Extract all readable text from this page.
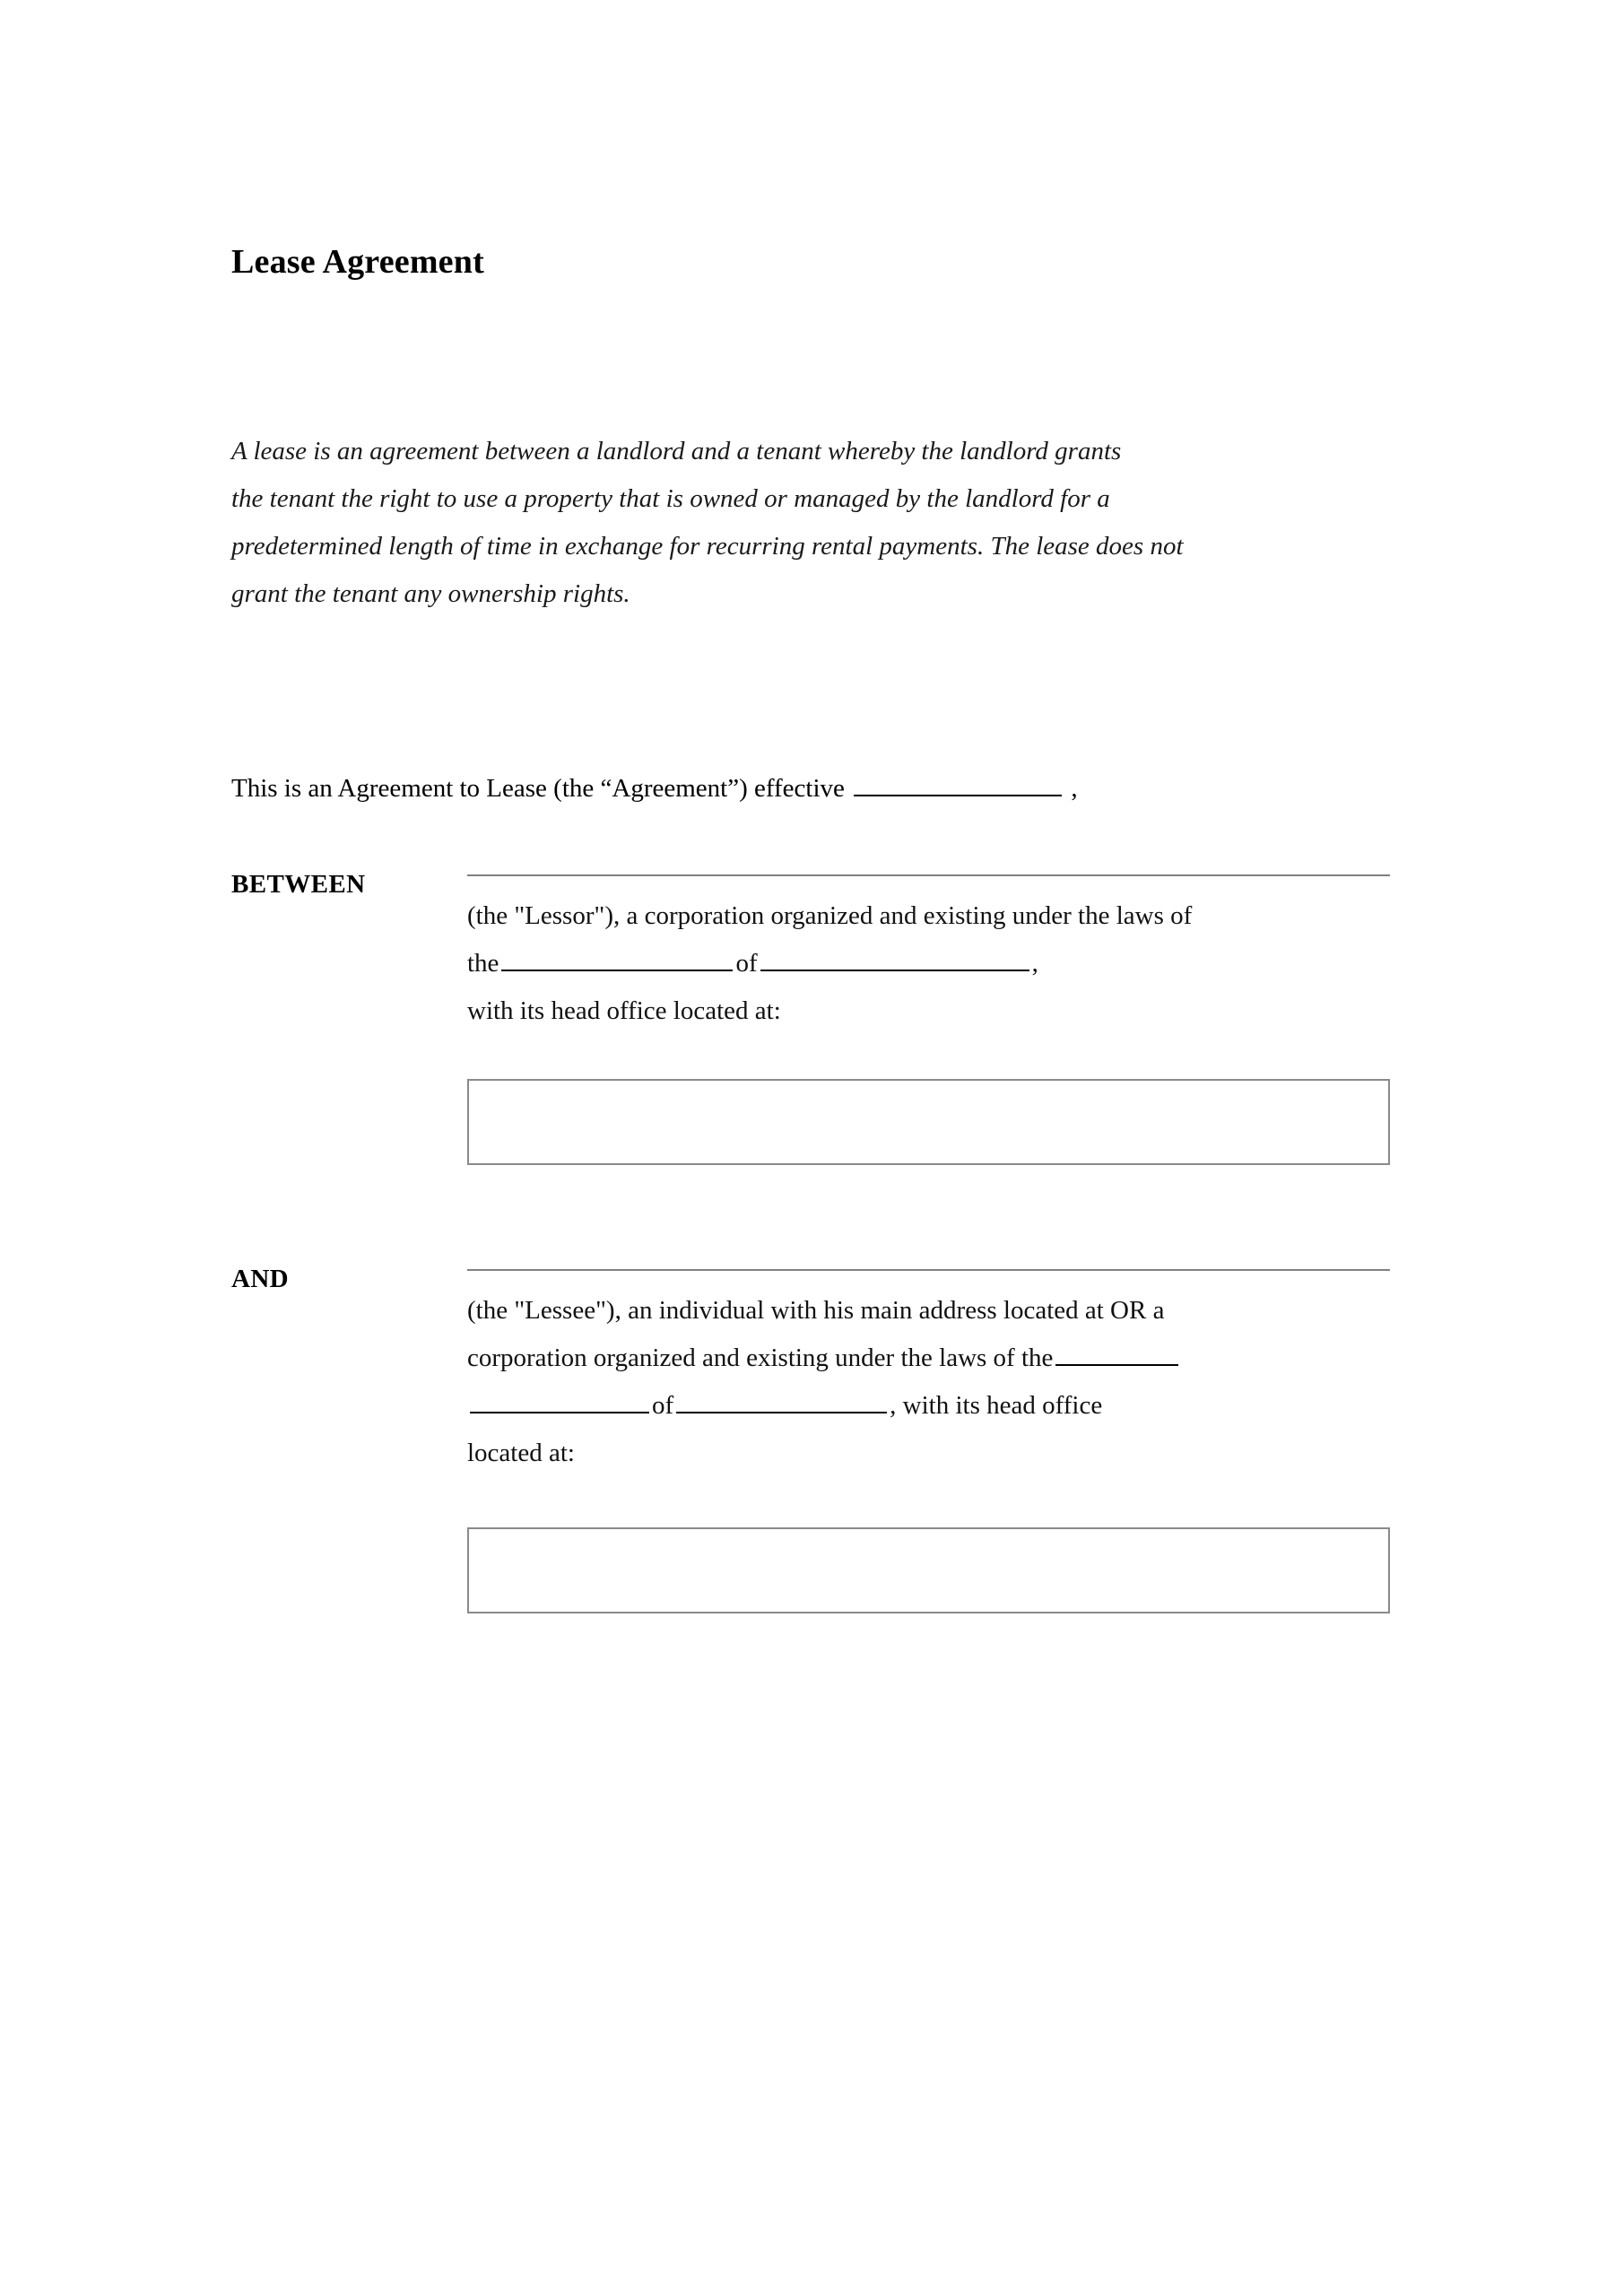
Lease Agreement
A lease is an agreement between a landlord and a tenant whereby the landlord grants
the tenant the right to use a property that is owned or managed by the landlord for a
predetermined length of time in exchange for recurring rental payments. The lease does not
grant the tenant any ownership rights.
This is an Agreement to Lease (the “Agreement”) effective	,
BETWEEN
(the "Lessor"), a corporation organized and existing under the laws of
the	of	,
with its head office located at:
AND
(the "Lessee"), an individual with his main address located at OR a
corporation organized and existing under the laws of the
of	, with its head office
located at:
